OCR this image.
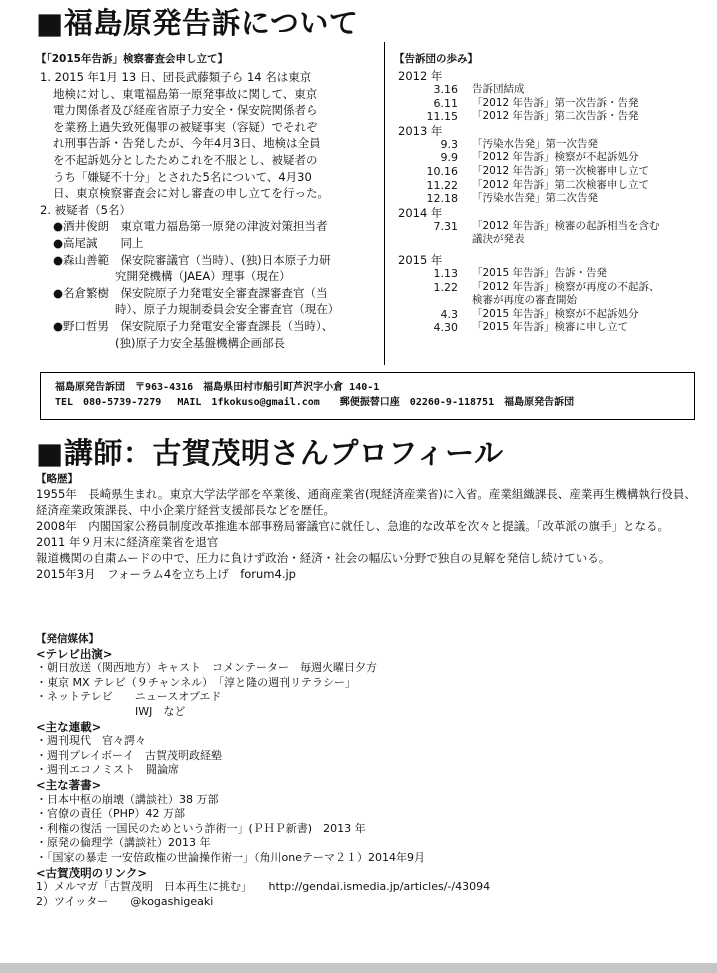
■福島原発告訴について
【「2015年告訴」検察審査会申し立て】	【告訴団の歩み】

1. 2015 年1月 13 日、団長武藤類子ら 14 名は東京

地検に対し、東電福島第一原発事故に関して、東京

電力関係者及び経産省原子力安全・保安院関係者ら

を業務上過失致死傷罪の被疑事実（容疑）でそれぞ

れ刑事告訴・告発したが、今年4月3日、地検は全員

を不起訴処分としたためこれを不服とし、被疑者の

うち「嫌疑不十分」とされた5名について、4月30

日、東京検察審査会に対し審査の申し立てを行った。

2. 被疑者（5名）

●酒井俊朗　 東京電力福島第一原発の津波対策担当者

●高尾誠　　 同上

●森山善範　 保安院審議官（当時）、(独)日本原子力研

究開発機構（JAEA）理事（現在）

●名倉繁樹　 保安院原子力発電安全審査課審査官（当

時）、原子力規制委員会安全審査官（現在）

●野口哲男　 保安院原子力発電安全審査課長（当時）、

(独)原子力安全基盤機構企画部長

2012 年
3.16	告訴団結成
6.11	「2012 年告訴」第一次告訴・告発
11.15	「2012 年告訴」第二次告訴・告発
2013 年
9.3	「汚染水告発」第一次告発
9.9	「2012 年告訴」検察が不起訴処分
10.16	「2012 年告訴」第一次検審申し立て
11.22	「2012 年告訴」第二次検審申し立て
12.18	「汚染水告発」第二次告発
2014 年
7.31	「2012 年告訴」検審の起訴相当を含む
議決が発表
2015 年
1.13	「2015 年告訴」告訴・告発
1.22	「2012 年告訴」検察が再度の不起訴、
検審が再度の審査開始
4.3	「2015 年告訴」検察が不起訴処分
4.30	「2015 年告訴」検審に申し立て
福島原発告訴団　〒963-4316　福島県田村市船引町芦沢字小倉 140-1
TEL　080-5739-7279　 MAIL　1fkokuso@gmail.com　　郵便振替口座　02260-9-118751　福島原発告訴団
■講師：古賀茂明さんプロフィール
【略歴】

1955年　長崎県生まれ。東京大学法学部を卒業後、通商産業省(現経済産業省)に入省。産業組織課長、産業再生機構執行役員、経済産業政策課長、中小企業庁経営支援部長などを歴任。

2008年　内閣国家公務員制度改革推進本部事務局審議官に就任し、急進的な改革を次々と提議。「改革派の旗手」となる。

2011 年９月末に経済産業省を退官

報道機関の自粛ムードの中で、圧力に負けず政治・経済・社会の幅広い分野で独自の見解を発信し続けている。

2015年3月　フォーラム4を立ち上げ　forum4.jp

【発信媒体】
<テレビ出演>
・朝日放送（関西地方）キャスト　コメンテーター　毎週火曜日夕方
・東京 MX テレビ（９チャンネル）　「淳と隆の週刊リテラシー」
・ネットテレビ　　ニュースオプエド
　　　　　　　　　IWJ　など
<主な連載>
・週刊現代　官々諤々
・週刊プレイボーイ　古賀茂明政経塾
・週刊エコノミスト　闘論席
<主な著書>
・日本中枢の崩壊（講談社）38 万部
・官僚の責任（PHP）42 万部
・利権の復活 一国民のためという詐術一」(ＰＨＰ新書)　2013 年
・原発の倫理学（講談社）2013 年
・「国家の暴走 一安倍政権の世論操作術一」（角川oneテーマ２１）2014年9月
<古賀茂明のリンク>
1）メルマガ「古賀茂明　日本再生に挑む」　　http://gendai.ismedia.jp/articles/-/43094
2）ツイッター　　@kogashigeaki
